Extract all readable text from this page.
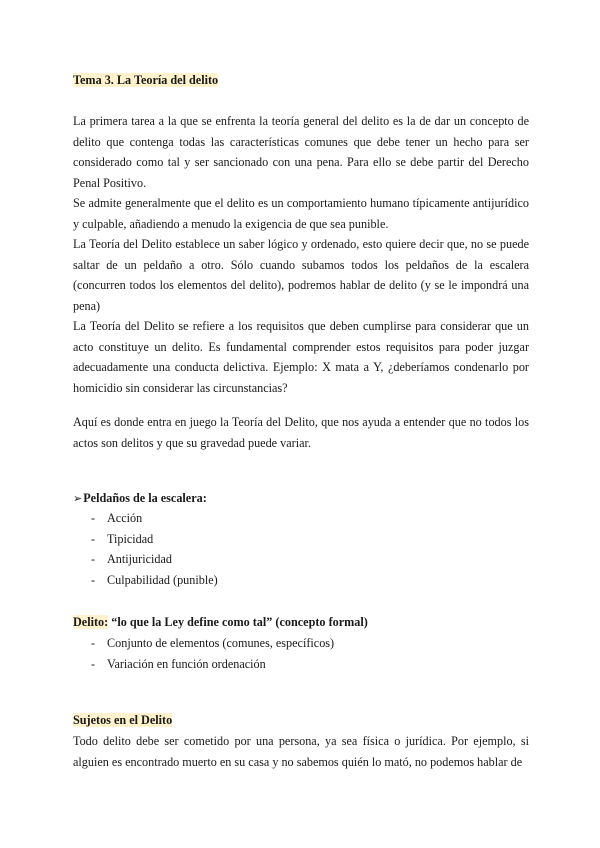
Tema 3. La Teoría del delito

La primera tarea a la que se enfrenta la teoría general del delito es la de dar un concepto de delito que contenga todas las características comunes que debe tener un hecho para ser considerado como tal y ser sancionado con una pena. Para ello se debe partir del Derecho Penal Positivo.

Se admite generalmente que el delito es un comportamiento humano típicamente antijurídico y culpable, añadiendo a menudo la exigencia de que sea punible.

La Teoría del Delito establece un saber lógico y ordenado, esto quiere decir que, no se puede saltar de un peldaño a otro. Sólo cuando subamos todos los peldaños de la escalera (concurren todos los elementos del delito), podremos hablar de delito (y se le impondrá una pena)

La Teoría del Delito se refiere a los requisitos que deben cumplirse para considerar que un acto constituye un delito. Es fundamental comprender estos requisitos para poder juzgar adecuadamente una conducta delictiva. Ejemplo: X mata a Y, ¿deberíamos condenarlo por homicidio sin considerar las circunstancias?

Aquí es donde entra en juego la Teoría del Delito, que nos ayuda a entender que no todos los actos son delitos y que su gravedad puede variar.

➢Peldaños de la escalera:
- Acción
- Tipicidad
- Antijuricidad
- Culpabilidad (punible)
Delito: “lo que la Ley define como tal” (concepto formal)
- Conjunto de elementos (comunes, específicos)
- Variación en función ordenación
Sujetos en el Delito

Todo delito debe ser cometido por una persona, ya sea física o jurídica. Por ejemplo, si alguien es encontrado muerto en su casa y no sabemos quién lo mató, no podemos hablar de
